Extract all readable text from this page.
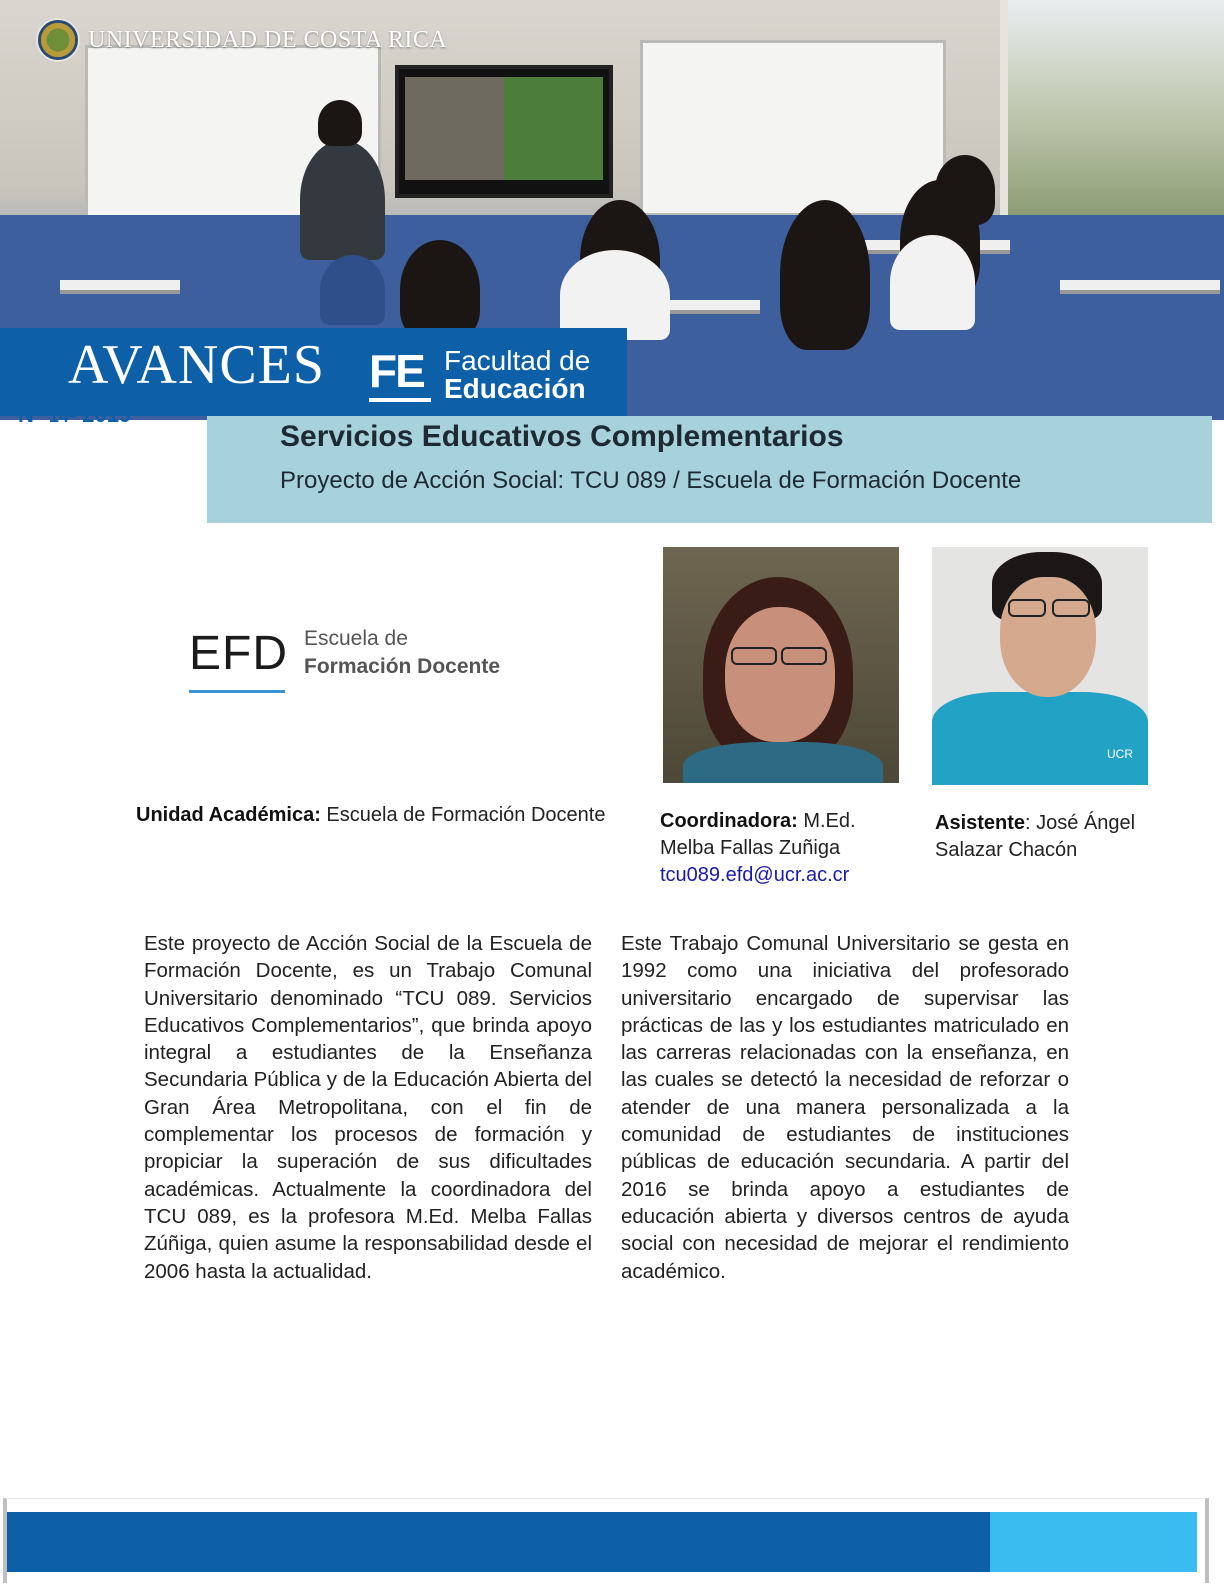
UNIVERSIDAD DE COSTA RICA
AVANCES FE Facultad de
Educación
N° 14- 2019
Servicios Educativos Complementarios
Proyecto de Acción Social: TCU 089 / Escuela de Formación Docente
EFD Escuela de
Formación Docente
UCR
Unidad Académica: Escuela de Formación Docente	Coordinadora: M.Ed. Melba Fallas Zuñiga
tcu089.efd@ucr.ac.cr
Asistente: José Ángel Salazar Chacón
Este proyecto de Acción Social de la Escuela de Formación Docente, es un Trabajo Comunal Universitario denominado “TCU 089. Servicios Educativos Complementarios”, que brinda apoyo integral a estudiantes de la Enseñanza Secundaria Pública y de la Educación Abierta del Gran Área Metropolitana, con el fin de complementar los procesos de formación y propiciar la superación de sus dificultades académicas. Actualmente la coordinadora del TCU 089, es la profesora M.Ed. Melba Fallas Zúñiga, quien asume la responsabilidad desde el 2006 hasta la actualidad.
Este Trabajo Comunal Universitario se gesta en 1992 como una iniciativa del profesorado universitario encargado de supervisar las prácticas de las y los estudiantes matriculado en las carreras relacionadas con la enseñanza, en las cuales se detectó la necesidad de reforzar o atender de una manera personalizada a la comunidad de estudiantes de instituciones públicas de educación secundaria. A partir del 2016 se brinda apoyo a estudiantes de educación abierta y diversos centros de ayuda social con necesidad de mejorar el rendimiento académico.
